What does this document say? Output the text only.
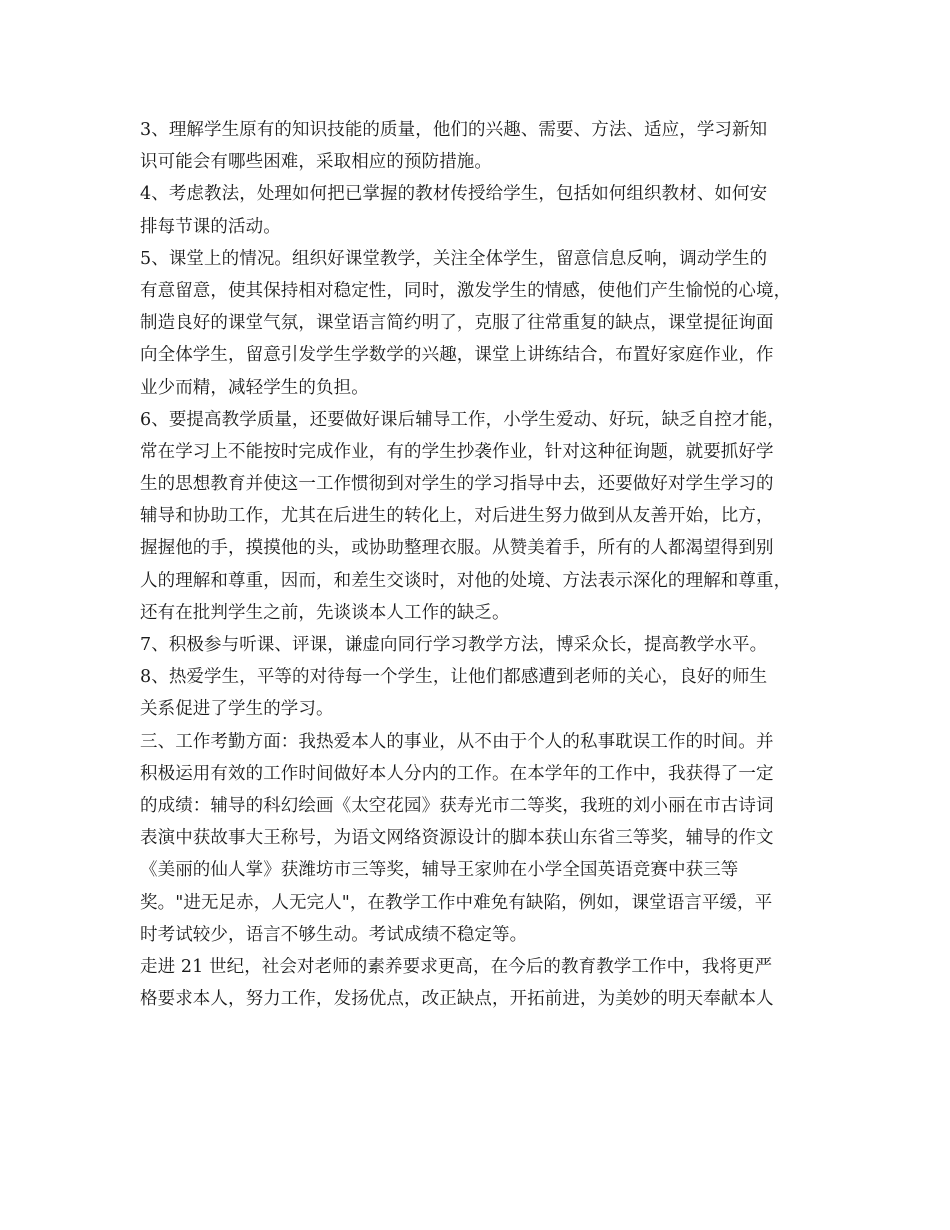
3、理解学生原有的知识技能的质量，他们的兴趣、需要、方法、适应，学习新知
识可能会有哪些困难，采取相应的预防措施。
4、考虑教法，处理如何把已掌握的教材传授给学生，包括如何组织教材、如何安
排每节课的活动。
5、课堂上的情况。组织好课堂教学，关注全体学生，留意信息反响，调动学生的
有意留意，使其保持相对稳定性，同时，激发学生的情感，使他们产生愉悦的心境，
制造良好的课堂气氛，课堂语言简约明了，克服了往常重复的缺点，课堂提征询面
向全体学生，留意引发学生学数学的兴趣，课堂上讲练结合，布置好家庭作业，作
业少而精，减轻学生的负担。
6、要提高教学质量，还要做好课后辅导工作，小学生爱动、好玩，缺乏自控才能，
常在学习上不能按时完成作业，有的学生抄袭作业，针对这种征询题，就要抓好学
生的思想教育并使这一工作惯彻到对学生的学习指导中去，还要做好对学生学习的
辅导和协助工作，尤其在后进生的转化上，对后进生努力做到从友善开始，比方，
握握他的手，摸摸他的头，或协助整理衣服。从赞美着手，所有的人都渴望得到别
人的理解和尊重，因而，和差生交谈时，对他的处境、方法表示深化的理解和尊重，
还有在批判学生之前，先谈谈本人工作的缺乏。
7、积极参与听课、评课，谦虚向同行学习教学方法，博采众长，提高教学水平。
8、热爱学生，平等的对待每一个学生，让他们都感遭到老师的关心，良好的师生
关系促进了学生的学习。
三、工作考勤方面：我热爱本人的事业，从不由于个人的私事耽误工作的时间。并
积极运用有效的工作时间做好本人分内的工作。在本学年的工作中，我获得了一定
的成绩：辅导的科幻绘画《太空花园》获寿光市二等奖，我班的刘小丽在市古诗词
表演中获故事大王称号，为语文网络资源设计的脚本获山东省三等奖，辅导的作文
《美丽的仙人掌》获潍坊市三等奖，辅导王家帅在小学全国英语竞赛中获三等
奖。"进无足赤，人无完人"，在教学工作中难免有缺陷，例如，课堂语言平缓，平
时考试较少，语言不够生动。考试成绩不稳定等。
走进 21 世纪，社会对老师的素养要求更高，在今后的教育教学工作中，我将更严
格要求本人，努力工作，发扬优点，改正缺点，开拓前进，为美妙的明天奉献本人
